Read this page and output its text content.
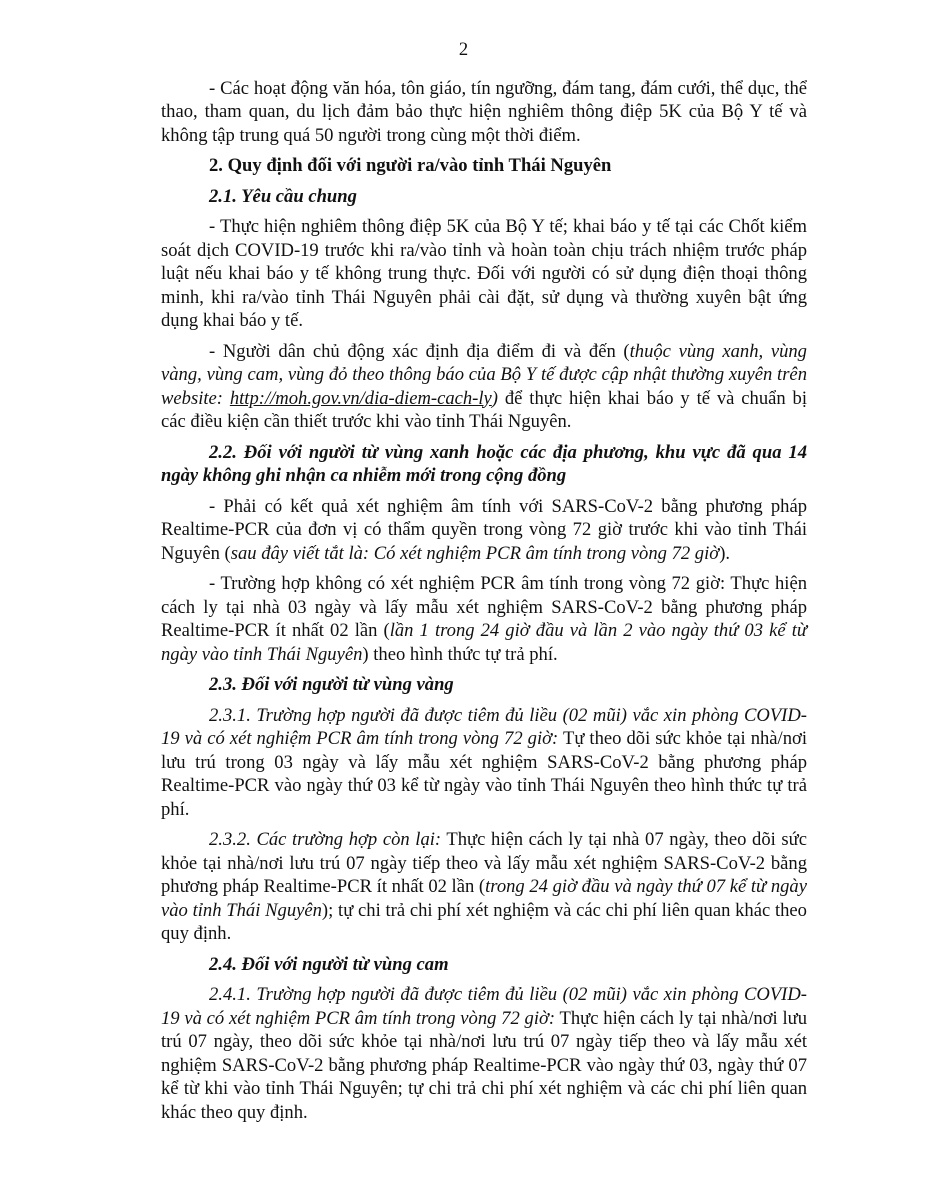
2

- Các hoạt động văn hóa, tôn giáo, tín ngưỡng, đám tang, đám cưới, thể dục, thể thao, tham quan, du lịch đảm bảo thực hiện nghiêm thông điệp 5K của Bộ Y tế và không tập trung quá 50 người trong cùng một thời điểm.

2. Quy định đối với người ra/vào tỉnh Thái Nguyên

2.1. Yêu cầu chung

- Thực hiện nghiêm thông điệp 5K của Bộ Y tế; khai báo y tế tại các Chốt kiểm soát dịch COVID-19 trước khi ra/vào tỉnh và hoàn toàn chịu trách nhiệm trước pháp luật nếu khai báo y tế không trung thực. Đối với người có sử dụng điện thoại thông minh, khi ra/vào tỉnh Thái Nguyên phải cài đặt, sử dụng và thường xuyên bật ứng dụng khai báo y tế.

- Người dân chủ động xác định địa điểm đi và đến (thuộc vùng xanh, vùng vàng, vùng cam, vùng đỏ theo thông báo của Bộ Y tế được cập nhật thường xuyên trên website: http://moh.gov.vn/dia-diem-cach-ly) để thực hiện khai báo y tế và chuẩn bị các điều kiện cần thiết trước khi vào tỉnh Thái Nguyên.

2.2. Đối với người từ vùng xanh hoặc các địa phương, khu vực đã qua 14 ngày không ghi nhận ca nhiễm mới trong cộng đồng

- Phải có kết quả xét nghiệm âm tính với SARS-CoV-2 bằng phương pháp Realtime-PCR của đơn vị có thẩm quyền trong vòng 72 giờ trước khi vào tỉnh Thái Nguyên (sau đây viết tắt là: Có xét nghiệm PCR âm tính trong vòng 72 giờ).

- Trường hợp không có xét nghiệm PCR âm tính trong vòng 72 giờ: Thực hiện cách ly tại nhà 03 ngày và lấy mẫu xét nghiệm SARS-CoV-2 bằng phương pháp Realtime-PCR ít nhất 02 lần (lần 1 trong 24 giờ đầu và lần 2 vào ngày thứ 03 kể từ ngày vào tỉnh Thái Nguyên) theo hình thức tự trả phí.

2.3. Đối với người từ vùng vàng

2.3.1. Trường hợp người đã được tiêm đủ liều (02 mũi) vắc xin phòng COVID-19 và có xét nghiệm PCR âm tính trong vòng 72 giờ: Tự theo dõi sức khỏe tại nhà/nơi lưu trú trong 03 ngày và lấy mẫu xét nghiệm SARS-CoV-2 bằng phương pháp Realtime-PCR vào ngày thứ 03 kể từ ngày vào tỉnh Thái Nguyên theo hình thức tự trả phí.

2.3.2. Các trường hợp còn lại: Thực hiện cách ly tại nhà 07 ngày, theo dõi sức khỏe tại nhà/nơi lưu trú 07 ngày tiếp theo và lấy mẫu xét nghiệm SARS-CoV-2 bằng phương pháp Realtime-PCR ít nhất 02 lần (trong 24 giờ đầu và ngày thứ 07 kể từ ngày vào tỉnh Thái Nguyên); tự chi trả chi phí xét nghiệm và các chi phí liên quan khác theo quy định.

2.4. Đối với người từ vùng cam

2.4.1. Trường hợp người đã được tiêm đủ liều (02 mũi) vắc xin phòng COVID-19 và có xét nghiệm PCR âm tính trong vòng 72 giờ: Thực hiện cách ly tại nhà/nơi lưu trú 07 ngày, theo dõi sức khỏe tại nhà/nơi lưu trú 07 ngày tiếp theo và lấy mẫu xét nghiệm SARS-CoV-2 bằng phương pháp Realtime-PCR vào ngày thứ 03, ngày thứ 07 kể từ khi vào tỉnh Thái Nguyên; tự chi trả chi phí xét nghiệm và các chi phí liên quan khác theo quy định.
